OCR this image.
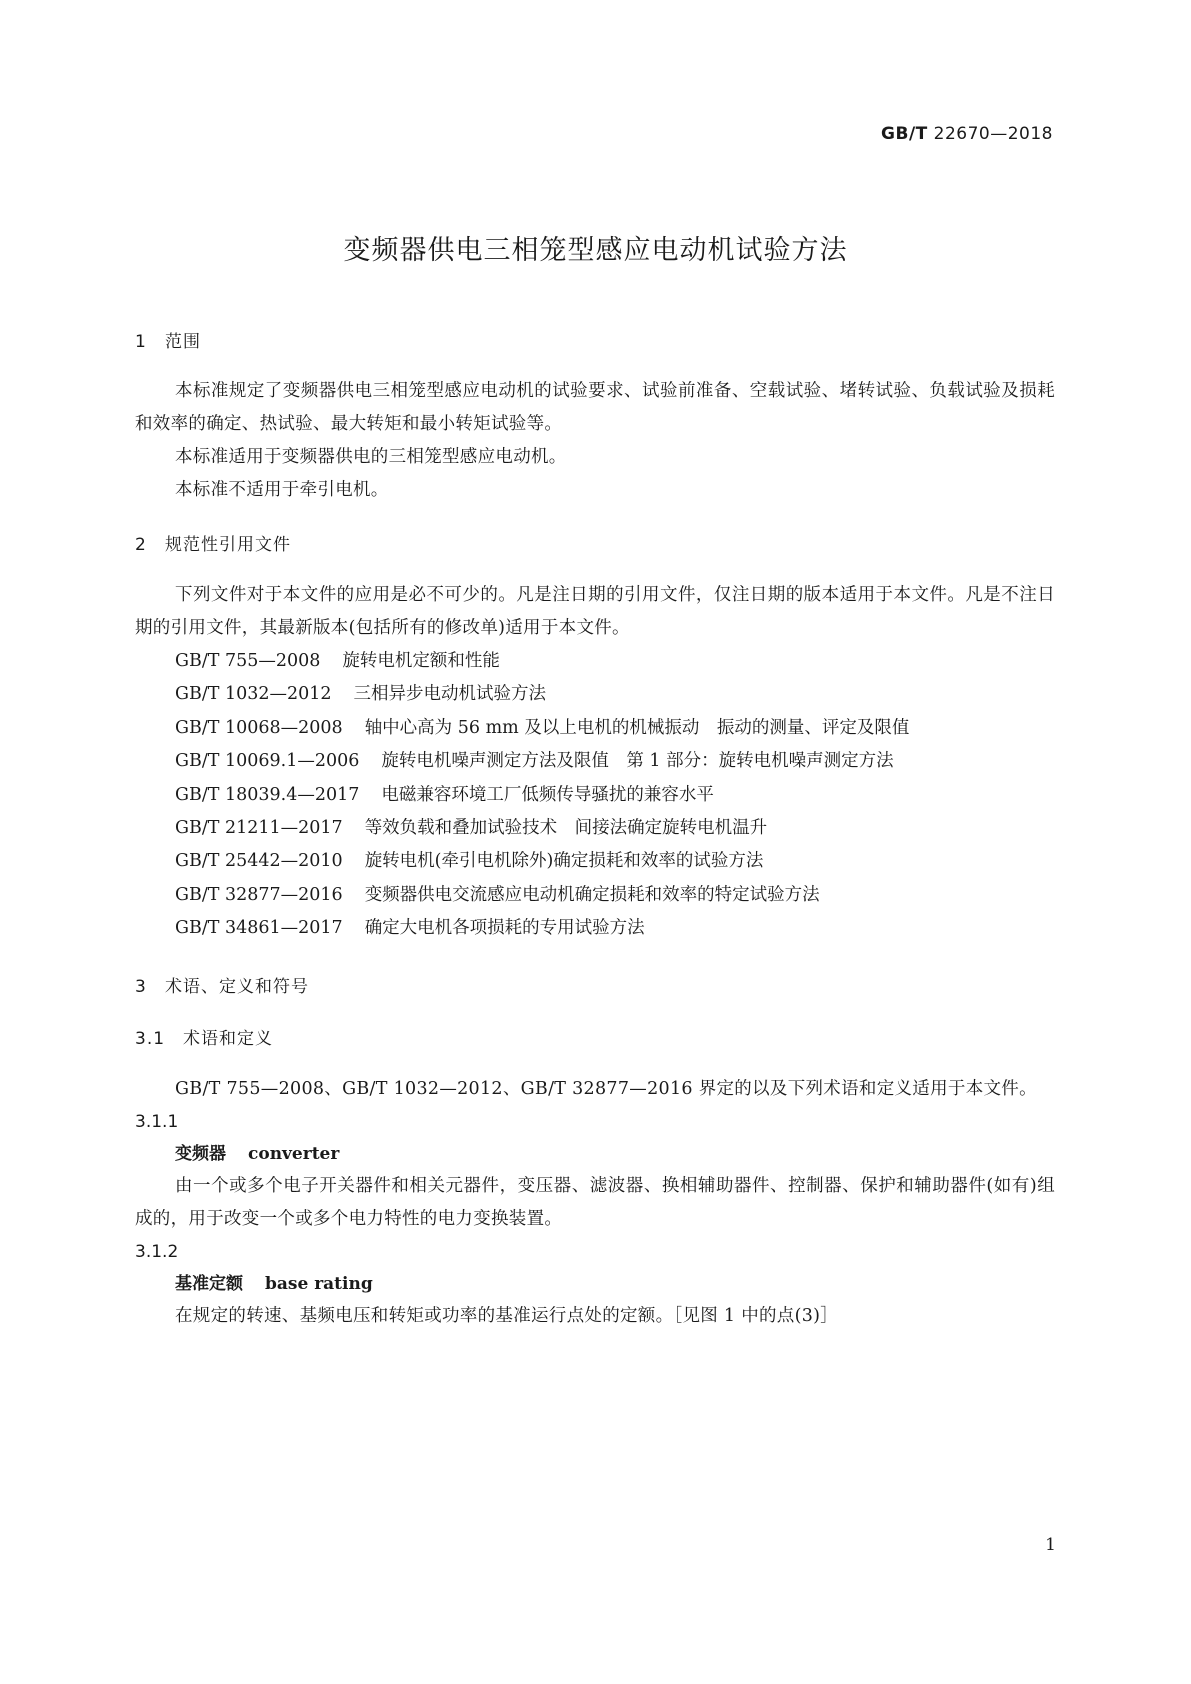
GB/T 22670—2018
变频器供电三相笼型感应电动机试验方法
1 范围

本标准规定了变频器供电三相笼型感应电动机的试验要求、试验前准备、空载试验、堵转试验、负载试验及损耗和效率的确定、热试验、最大转矩和最小转矩试验等。

本标准适用于变频器供电的三相笼型感应电动机。

本标准不适用于牵引电机。

2 规范性引用文件

下列文件对于本文件的应用是必不可少的。凡是注日期的引用文件，仅注日期的版本适用于本文件。凡是不注日期的引用文件，其最新版本(包括所有的修改单)适用于本文件。

GB/T 755—2008 旋转电机定额和性能

GB/T 1032—2012 三相异步电动机试验方法

GB/T 10068—2008 轴中心高为 56 mm 及以上电机的机械振动　振动的测量、评定及限值

GB/T 10069.1—2006 旋转电机噪声测定方法及限值　第 1 部分：旋转电机噪声测定方法

GB/T 18039.4—2017 电磁兼容环境工厂低频传导骚扰的兼容水平

GB/T 21211—2017 等效负载和叠加试验技术　间接法确定旋转电机温升

GB/T 25442—2010 旋转电机(牵引电机除外)确定损耗和效率的试验方法

GB/T 32877—2016 变频器供电交流感应电动机确定损耗和效率的特定试验方法

GB/T 34861—2017 确定大电机各项损耗的专用试验方法

3 术语、定义和符号
3.1 术语和定义

GB/T 755—2008、GB/T 1032—2012、GB/T 32877—2016 界定的以及下列术语和定义适用于本文件。

3.1.1

变频器 converter

由一个或多个电子开关器件和相关元器件，变压器、滤波器、换相辅助器件、控制器、保护和辅助器件(如有)组成的，用于改变一个或多个电力特性的电力变换装置。

3.1.2

基准定额 base rating

在规定的转速、基频电压和转矩或功率的基准运行点处的定额。［见图 1 中的点(3)］

1
